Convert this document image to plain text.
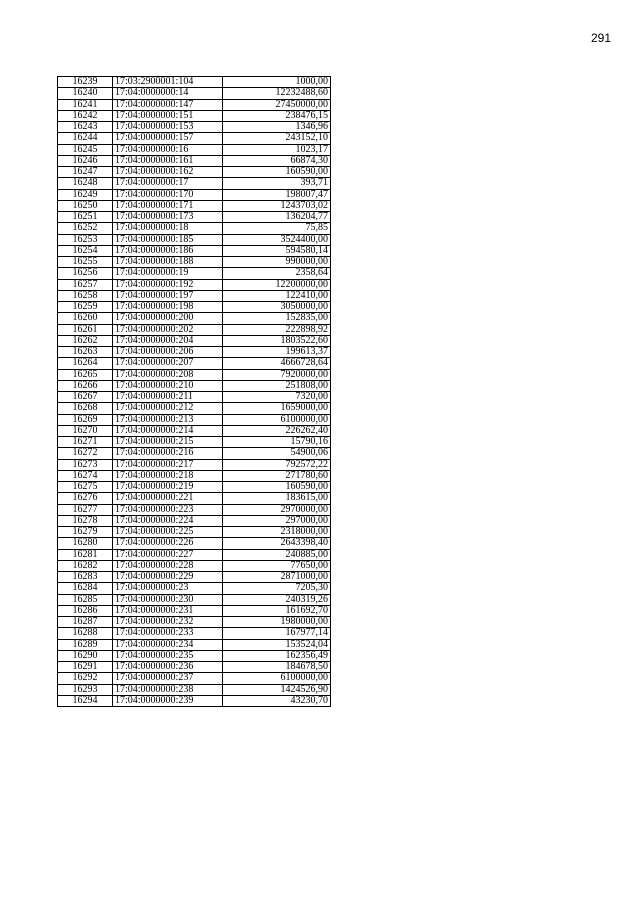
291
16239	17:03:2900001:104	1000,00
16240	17:04:0000000:14	12232488,60
16241	17:04:0000000:147	27450000,00
16242	17:04:0000000:151	238476,15
16243	17:04:0000000:153	1346,96
16244	17:04:0000000:157	243152,10
16245	17:04:0000000:16	1023,17
16246	17:04:0000000:161	66874,30
16247	17:04:0000000:162	160590,00
16248	17:04:0000000:17	393,71
16249	17:04:0000000:170	198007,47
16250	17:04:0000000:171	1243703,02
16251	17:04:0000000:173	136204,77
16252	17:04:0000000:18	75,85
16253	17:04:0000000:185	3524400,00
16254	17:04:0000000:186	594580,14
16255	17:04:0000000:188	990000,00
16256	17:04:0000000:19	2358,64
16257	17:04:0000000:192	12200000,00
16258	17:04:0000000:197	122410,00
16259	17:04:0000000:198	3050000,00
16260	17:04:0000000:200	152835,00
16261	17:04:0000000:202	222898,92
16262	17:04:0000000:204	1803522,60
16263	17:04:0000000:206	199613,37
16264	17:04:0000000:207	4666728,64
16265	17:04:0000000:208	7920000,00
16266	17:04:0000000:210	251808,00
16267	17:04:0000000:211	7320,00
16268	17:04:0000000:212	1659000,00
16269	17:04:0000000:213	6100000,00
16270	17:04:0000000:214	226262,40
16271	17:04:0000000:215	15790,16
16272	17:04:0000000:216	54900,06
16273	17:04:0000000:217	792572,22
16274	17:04:0000000:218	271780,60
16275	17:04:0000000:219	160590,00
16276	17:04:0000000:221	183615,00
16277	17:04:0000000:223	2970000,00
16278	17:04:0000000:224	297000,00
16279	17:04:0000000:225	2318000,00
16280	17:04:0000000:226	2643398,40
16281	17:04:0000000:227	240885,00
16282	17:04:0000000:228	77650,00
16283	17:04:0000000:229	2871000,00
16284	17:04:0000000:23	7205,30
16285	17:04:0000000:230	240319,26
16286	17:04:0000000:231	161692,70
16287	17:04:0000000:232	1980000,00
16288	17:04:0000000:233	167977,14
16289	17:04:0000000:234	153524,04
16290	17:04:0000000:235	162356,49
16291	17:04:0000000:236	184678,50
16292	17:04:0000000:237	6100000,00
16293	17:04:0000000:238	1424526,90
16294	17:04:0000000:239	43230,70
